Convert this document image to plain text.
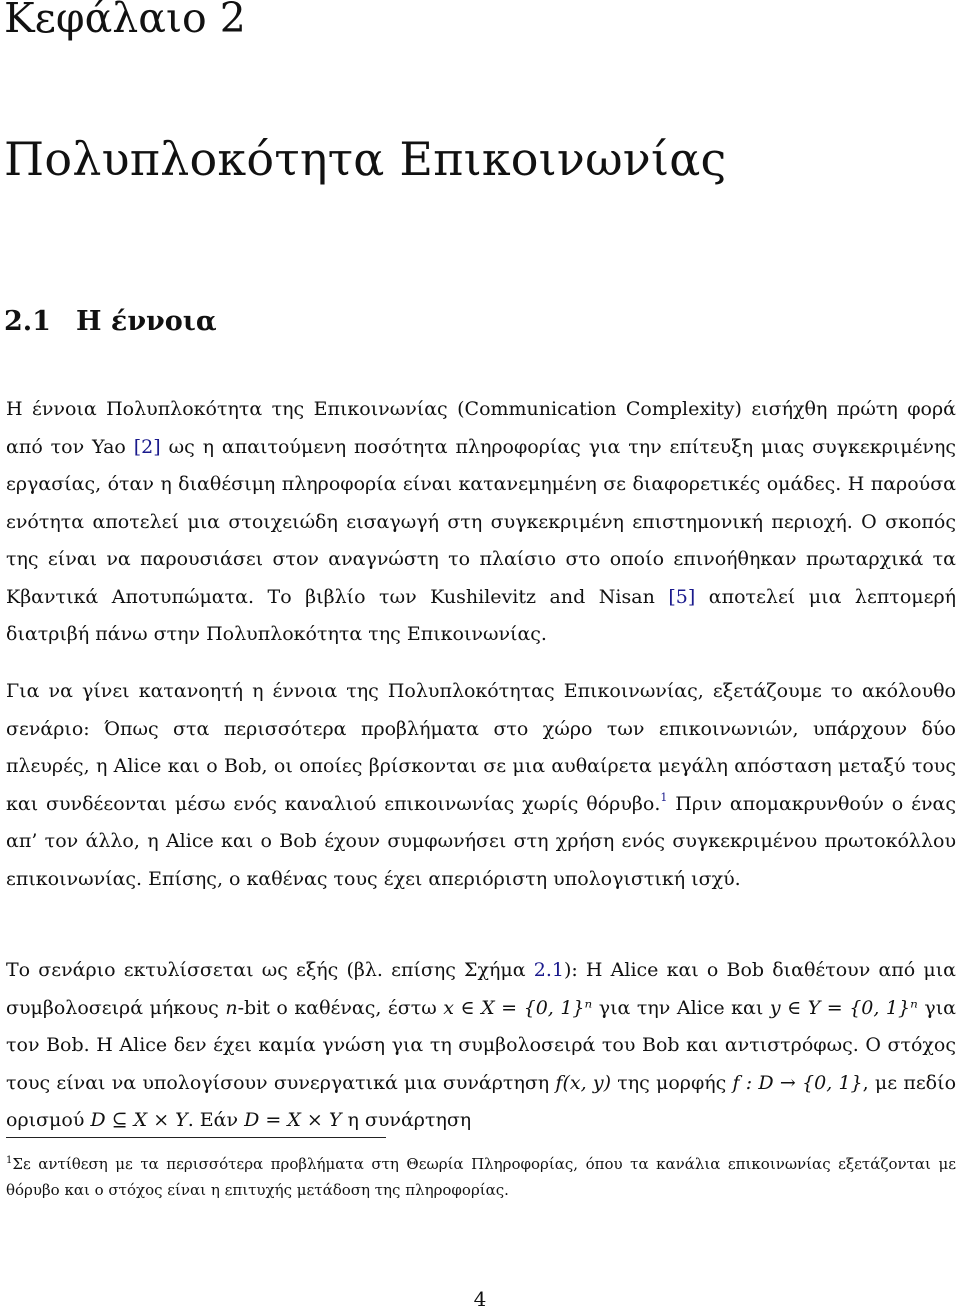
Κεφάλαιο 2
Πολυπλοκότητα Επικοινωνίας
2.1 Η έννοια
Η έννοια Πολυπλοκότητα της Επικοινωνίας (Communication Complexity) εισήχθη πρώτη φορά από τον Yao [2] ως η απαιτούμενη ποσότητα πληροφορίας για την επίτευξη μιας συγκεκριμένης εργασίας, όταν η διαθέσιμη πληροφορία είναι κατανεμημένη σε διαφορετικές ομάδες. Η παρούσα ενότητα αποτελεί μια στοιχειώδη εισαγωγή στη συγκεκριμένη επιστημονική περιοχή. Ο σκοπός της είναι να παρουσιάσει στον αναγνώστη το πλαίσιο στο οποίο επινοήθηκαν πρωταρχικά τα Κβαντικά Αποτυπώματα. Το βιβλίο των Kushilevitz and Nisan [5] αποτελεί μια λεπτομερή διατριβή πάνω στην Πολυπλοκότητα της Επικοινωνίας.
Για να γίνει κατανοητή η έννοια της Πολυπλοκότητας Επικοινωνίας, εξετάζουμε το ακόλουθο σενάριο: Όπως στα περισσότερα προβλήματα στο χώρο των επικοινωνιών, υπάρχουν δύο πλευρές, η Alice και ο Bob, οι οποίες βρίσκονται σε μια αυθαίρετα μεγάλη απόσταση μεταξύ τους και συνδέεονται μέσω ενός καναλιού επικοινωνίας χωρίς θόρυβο.$^1$ Πριν απομακρυνθούν ο ένας απ’ τον άλλο, η Alice και ο Bob έχουν συμφωνήσει στη χρήση ενός συγκεκριμένου πρωτοκόλλου επικοινωνίας. Επίσης, ο καθένας τους έχει απεριόριστη υπολογιστική ισχύ.
Το σενάριο εκτυλίσσεται ως εξής (βλ. επίσης Σχήμα 2.1): Η Alice και ο Bob διαθέτουν από μια συμβολοσειρά μήκους n-bit ο καθένας, έστω x ∈ X = {0, 1}ⁿ για την Alice και y ∈ Y = {0, 1}ⁿ για τον Bob. Η Alice δεν έχει καμία γνώση για τη συμβολοσειρά του Bob και αντιστρόφως. Ο στόχος τους είναι να υπολογίσουν συνεργατικά μια συνάρτηση f(x, y) της μορφής f : D → {0, 1}, με πεδίο ορισμού D ⊆ X × Y. Εάν D = X × Y η συνάρτηση
$^1$Σε αντίθεση με τα περισσότερα προβλήματα στη Θεωρία Πληροφορίας, όπου τα κανάλια επικοινωνίας εξετάζονται με θόρυβο και ο στόχος είναι η επιτυχής μετάδοση της πληροφορίας.
4
